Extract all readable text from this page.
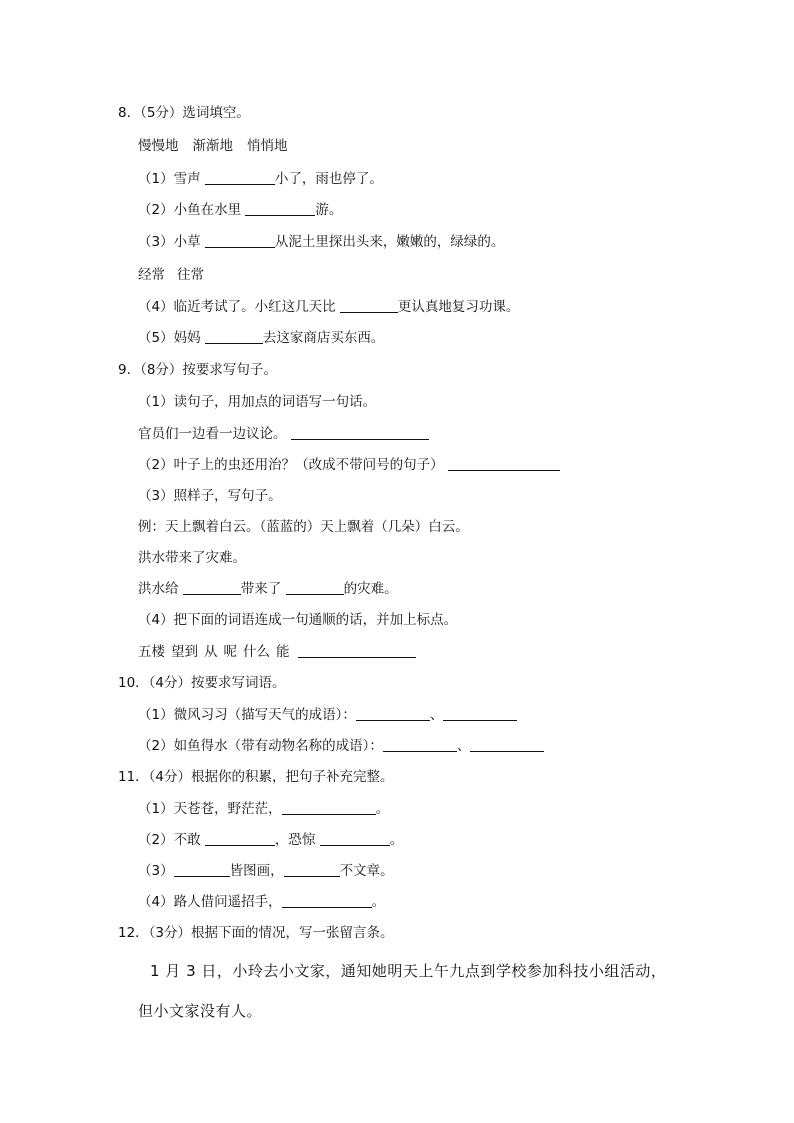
8．（5分）选词填空。
慢慢地 渐渐地 悄悄地
（1）雪声	小了，雨也停了。
（2）小鱼在水里	游。
（3）小草	从泥土里探出头来，嫩嫩的，绿绿的。
经常 往常
（4）临近考试了。小红这几天比	更认真地复习功课。
（5）妈妈	去这家商店买东西。
9．（8分）按要求写句子。
（1）读句子，用加点的词语写一句话。
官员们一边看一边议论。
（2）叶子上的虫还用治？（改成不带问号的句子）
（3）照样子，写句子。
例：天上飘着白云。（蓝蓝的）天上飘着（几朵）白云。
洪水带来了灾难。
洪水给	带来了	的灾难。
（4）把下面的词语连成一句通顺的话，并加上标点。
五楼 望到 从 呢 什么 能
10．（4分）按要求写词语。
（1）微风习习（描写天气的成语）：	、
（2）如鱼得水（带有动物名称的成语）：	、
11．（4分）根据你的积累，把句子补充完整。
（1）天苍苍，野茫茫，	。
（2）不敢	，恐惊	。
（3）	皆图画，	不文章。
（4）路人借问遥招手，	。
12．（3分）根据下面的情况，写一张留言条。
1 月 3 日，小玲去小文家，通知她明天上午九点到学校参加科技小组活动，
但小文家没有人。
